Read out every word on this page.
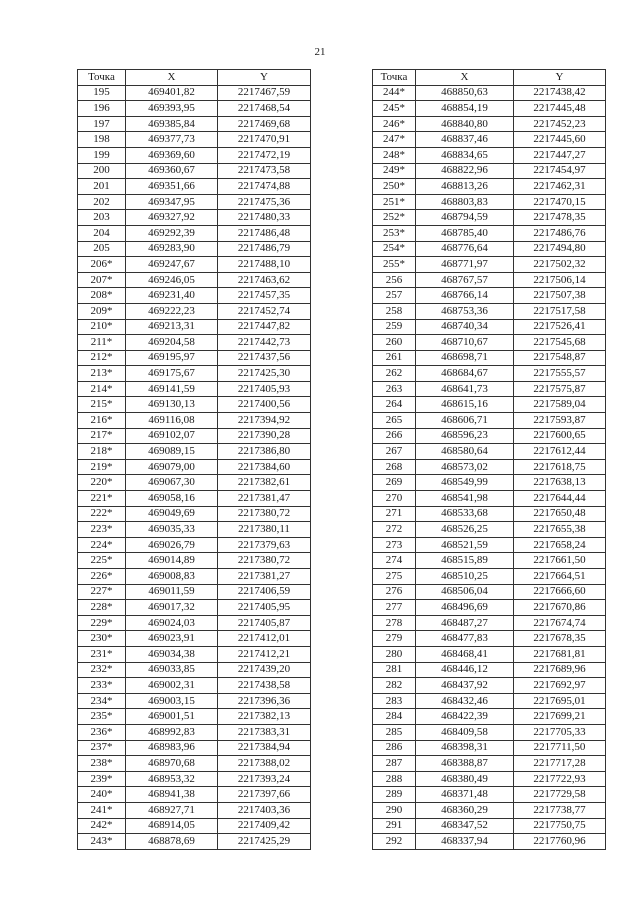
21
Точка	X	Y
195	469401,82	2217467,59
196	469393,95	2217468,54
197	469385,84	2217469,68
198	469377,73	2217470,91
199	469369,60	2217472,19
200	469360,67	2217473,58
201	469351,66	2217474,88
202	469347,95	2217475,36
203	469327,92	2217480,33
204	469292,39	2217486,48
205	469283,90	2217486,79
206*	469247,67	2217488,10
207*	469246,05	2217463,62
208*	469231,40	2217457,35
209*	469222,23	2217452,74
210*	469213,31	2217447,82
211*	469204,58	2217442,73
212*	469195,97	2217437,56
213*	469175,67	2217425,30
214*	469141,59	2217405,93
215*	469130,13	2217400,56
216*	469116,08	2217394,92
217*	469102,07	2217390,28
218*	469089,15	2217386,80
219*	469079,00	2217384,60
220*	469067,30	2217382,61
221*	469058,16	2217381,47
222*	469049,69	2217380,72
223*	469035,33	2217380,11
224*	469026,79	2217379,63
225*	469014,89	2217380,72
226*	469008,83	2217381,27
227*	469011,59	2217406,59
228*	469017,32	2217405,95
229*	469024,03	2217405,87
230*	469023,91	2217412,01
231*	469034,38	2217412,21
232*	469033,85	2217439,20
233*	469002,31	2217438,58
234*	469003,15	2217396,36
235*	469001,51	2217382,13
236*	468992,83	2217383,31
237*	468983,96	2217384,94
238*	468970,68	2217388,02
239*	468953,32	2217393,24
240*	468941,38	2217397,66
241*	468927,71	2217403,36
242*	468914,05	2217409,42
243*	468878,69	2217425,29
Точка	X	Y
244*	468850,63	2217438,42
245*	468854,19	2217445,48
246*	468840,80	2217452,23
247*	468837,46	2217445,60
248*	468834,65	2217447,27
249*	468822,96	2217454,97
250*	468813,26	2217462,31
251*	468803,83	2217470,15
252*	468794,59	2217478,35
253*	468785,40	2217486,76
254*	468776,64	2217494,80
255*	468771,97	2217502,32
256	468767,57	2217506,14
257	468766,14	2217507,38
258	468753,36	2217517,58
259	468740,34	2217526,41
260	468710,67	2217545,68
261	468698,71	2217548,87
262	468684,67	2217555,57
263	468641,73	2217575,87
264	468615,16	2217589,04
265	468606,71	2217593,87
266	468596,23	2217600,65
267	468580,64	2217612,44
268	468573,02	2217618,75
269	468549,99	2217638,13
270	468541,98	2217644,44
271	468533,68	2217650,48
272	468526,25	2217655,38
273	468521,59	2217658,24
274	468515,89	2217661,50
275	468510,25	2217664,51
276	468506,04	2217666,60
277	468496,69	2217670,86
278	468487,27	2217674,74
279	468477,83	2217678,35
280	468468,41	2217681,81
281	468446,12	2217689,96
282	468437,92	2217692,97
283	468432,46	2217695,01
284	468422,39	2217699,21
285	468409,58	2217705,33
286	468398,31	2217711,50
287	468388,87	2217717,28
288	468380,49	2217722,93
289	468371,48	2217729,58
290	468360,29	2217738,77
291	468347,52	2217750,75
292	468337,94	2217760,96
